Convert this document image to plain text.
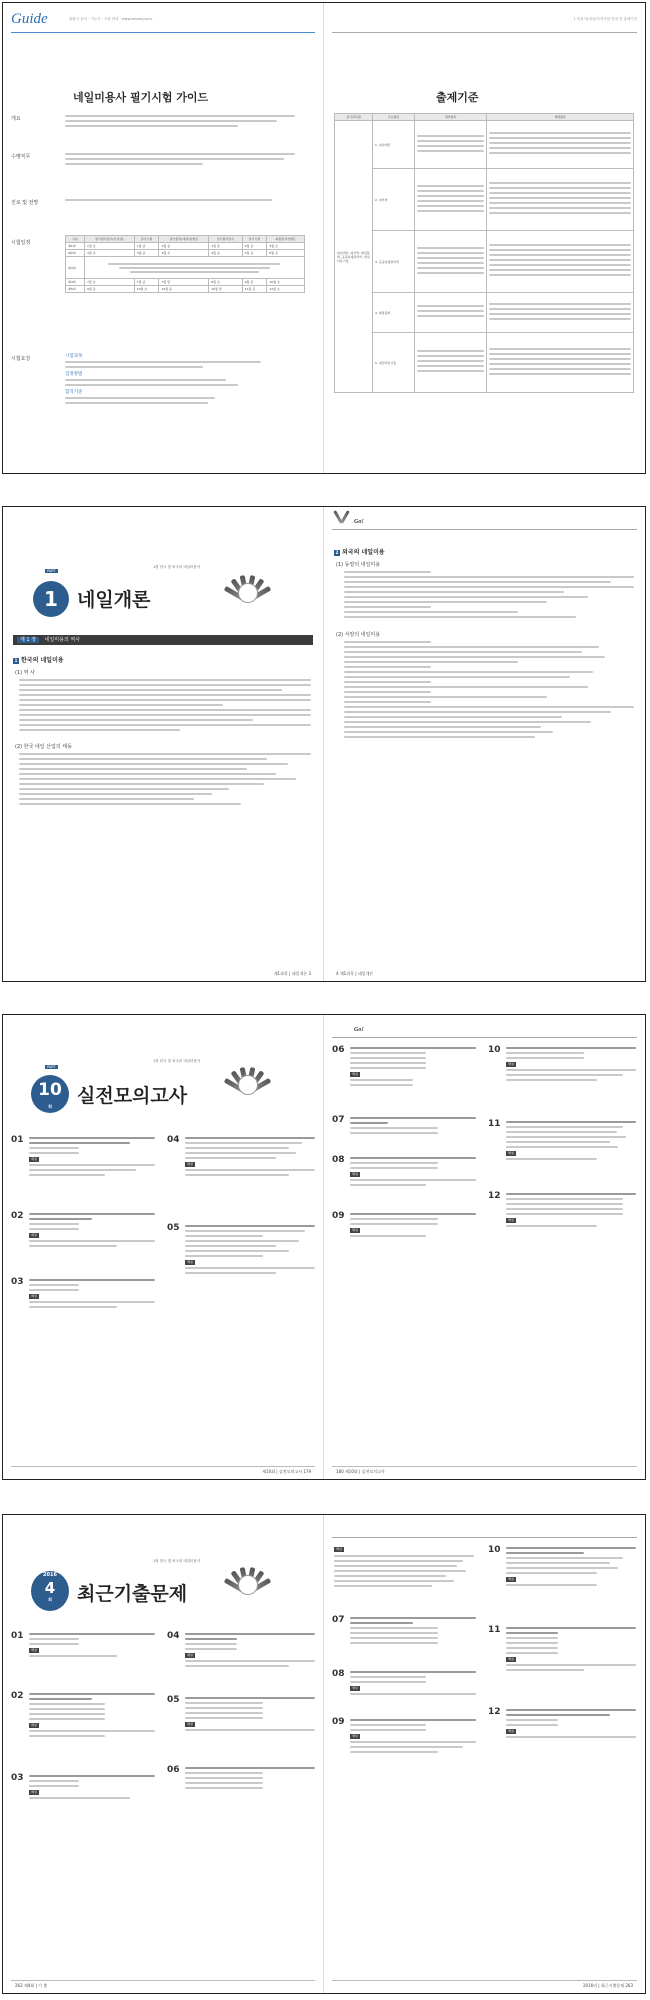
Guide	출판사 문서 · 기능사 · 시험 안내 · www.edusky.co.kr
네일미용사 필기시험 가이드
개요
수행직무
진로 및 전망
시험일정
구분	필기원서접수(인터넷)	필기시험	필기합격(예정자)발표	실기원서접수	실기시험	최종합격자발표
제1회	1월 초	1월 중	1월 중	1월 중	2월 중	3월 초
제2회	3월 초	3월 중	4월 초	4월 중	5월 중	6월 초
제3회						

제4회	7월 초	7월 중	7월 말	8월 초	9월 중	10월 초
제5회	9월 중	10월 초	10월 중	10월 말	11월 중	12월 초
시험요강	시험과목
검정방법
합격기준
1 미용사(네일)자격시험 안내 및 출제기준
출제기준
필기과목명	주요항목	세부항목	세세항목
네일개론, 피부학, 화장품학, 공중위생관리학, 네일미용기술	1. 네일개론	

	2. 피부학	

	3. 공중위생관리학	

	4. 화장품학	

	5. 네일미용기술	

PART
1장 한국 및 외국의 네일미용사
1	네일개론
제 1 장 네일미용의 역사
1 한국의 네일미용
(1) 역 사
(2) 한국 네일 산업의 태동
제1과목 | 네일개론 3
Go!
2 외국의 네일미용
(1) 동양의 네일미용
(2) 서양의 네일미용
4 제1과목 | 네일개론
PART
1장 한국 및 외국의 네일미용사
10
회	실전모의고사
01
해설
02
해설
03
해설
04
해설
05
해설
제10회 | 실전모의고사 179
Go!
06
해설
07
08
해설
09
해설
10
해설
11
해설
12
해설
180 제10회 | 실전모의고사
1장 한국 및 외국의 네일미용사
2016
4
회	최근기출문제
01
해설
02
해설
03
해설
04
해설
05
해설
06
262 제4회 | 기 출
해설
07
08
해설
09
해설
10
해설
11
해설
12
해설
2016년 | 최근기출문제 263
